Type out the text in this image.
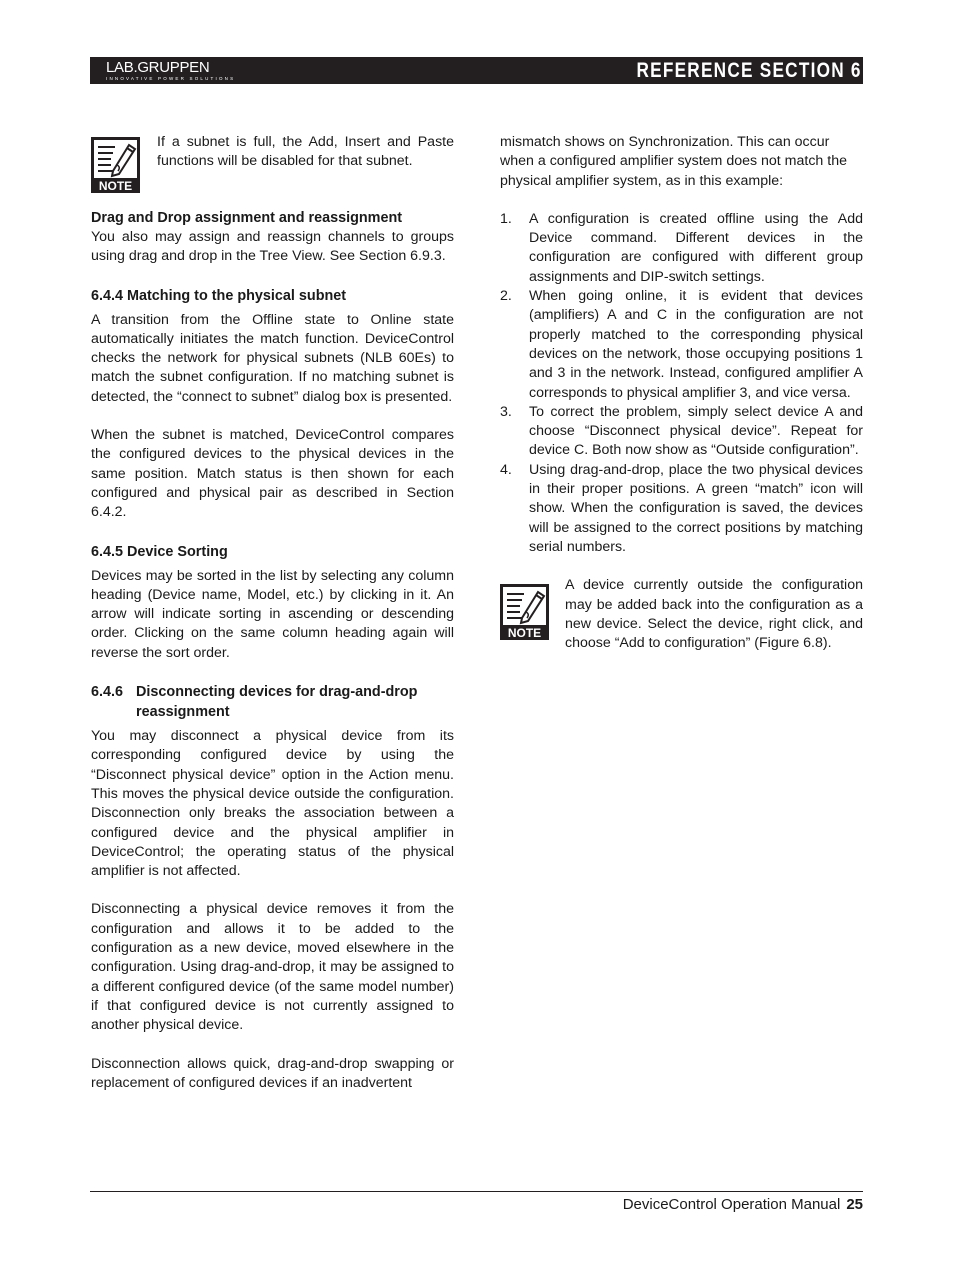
LAB.GRUPPEN
INNOVATIVE POWER SOLUTIONS	REFERENCE SECTION 6
NOTE
If a subnet is full, the Add, Insert and Paste functions will be disabled for that subnet.
Drag and Drop assignment and reassignment

You also may assign and reassign channels to groups using drag and drop in the Tree View. See Section 6.9.3.

6.4.4 Matching to the physical subnet

A transition from the Offline state to Online state automatically initiates the match function. DeviceControl checks the network for physical subnets (NLB 60Es) to match the subnet configuration. If no matching subnet is detected, the “connect to subnet” dialog box is presented.

When the subnet is matched, DeviceControl compares the configured devices to the physical devices in the same position. Match status is then shown for each configured and physical pair as described in Section 6.4.2.

6.4.5 Device Sorting

Devices may be sorted in the list by selecting any column heading (Device name, Model, etc.) by clicking in it. An arrow will indicate sorting in ascending or descending order. Clicking on the same column heading again will reverse the sort order.

6.4.6 Disconnecting devices for drag-and-drop
reassignment

You may disconnect a physical device from its corresponding configured device by using the “Disconnect physical device” option in the Action menu. This moves the physical device outside the configuration. Disconnection only breaks the association between a configured device and the physical amplifier in DeviceControl; the operating status of the physical amplifier is not affected.

Disconnecting a physical device removes it from the configuration and allows it to be added to the configuration as a new device, moved elsewhere in the configuration. Using drag-and-drop, it may be assigned to a different configured device (of the same model number) if that configured device is not currently assigned to another physical device.

Disconnection allows quick, drag-and-drop swapping or replacement of configured devices if an inadvertent

mismatch shows on Synchronization. This can occur when a configured amplifier system does not match the physical amplifier system, as in this example:

1.	A configuration is created offline using the Add Device command. Different devices in the configuration are configured with different group assignments and DIP-switch settings.
2.	When going online, it is evident that devices (amplifiers) A and C in the configuration are not properly matched to the corresponding physical devices on the network, those occupying positions 1 and 3 in the network. Instead, configured amplifier A corresponds to physical amplifier 3, and vice versa.
3.	To correct the problem, simply select device A and choose “Disconnect physical device”. Repeat for device C. Both now show as “Outside configuration”.
4.	Using drag-and-drop, place the two physical devices in their proper positions. A green “match” icon will show. When the configuration is saved, the devices will be assigned to the correct positions by matching serial numbers.
NOTE
A device currently outside the configuration may be added back into the configuration as a new device. Select the device, right click, and choose “Add to configuration” (Figure 6.8).
DeviceControl Operation Manual 25
